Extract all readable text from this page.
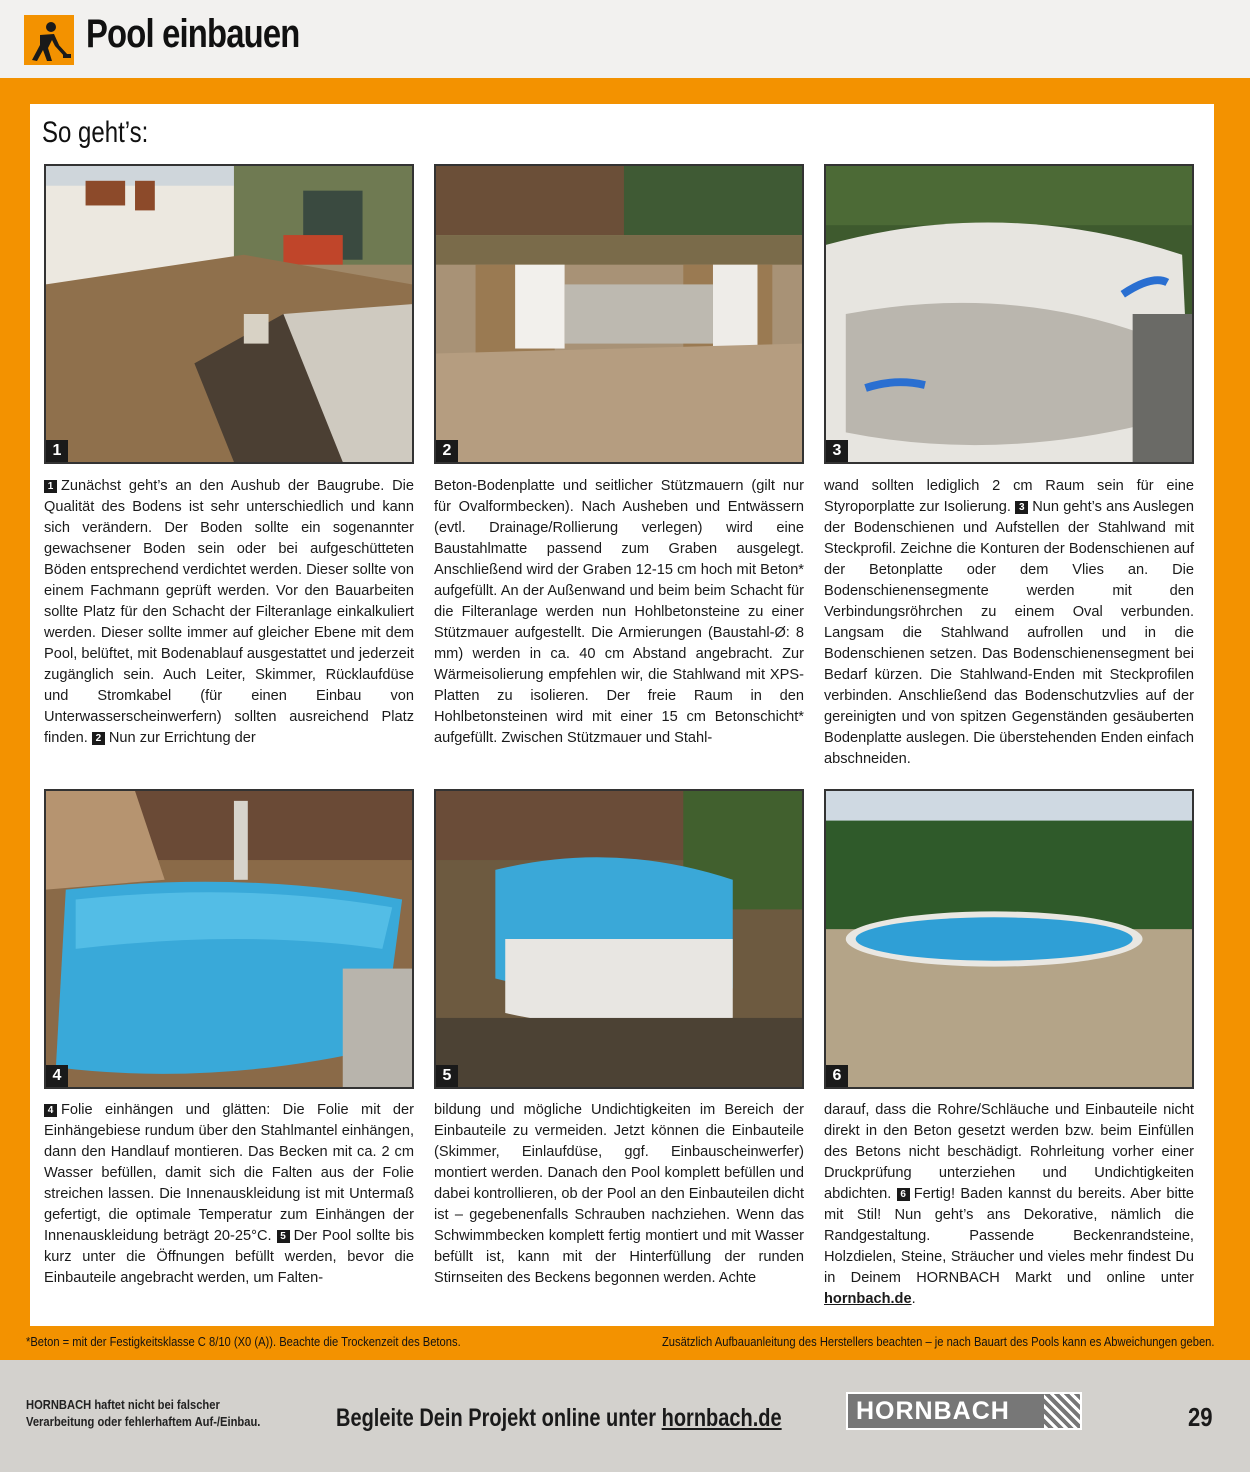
Pool einbauen
So geht’s:
1	2	3
4	5	6

1 Zunächst geht’s an den Aushub der Baugrube. Die Qualität des Bodens ist sehr unterschiedlich und kann sich verändern. Der Boden sollte ein sogenannter gewachsener Boden sein oder bei aufgeschütteten Böden entsprechend verdichtet werden. Dieser sollte von einem Fachmann geprüft werden. Vor den Bauarbeiten sollte Platz für den Schacht der Filteranlage einkalkuliert werden. Dieser sollte immer auf gleicher Ebene mit dem Pool, belüftet, mit Bodenablauf ausgestattet und jederzeit zugänglich sein. Auch Leiter, Skimmer, Rücklaufdüse und Stromkabel (für einen Einbau von Unterwasserscheinwerfern) sollten ausreichend Platz finden. 2 Nun zur Errichtung der

Beton-Bodenplatte und seitlicher Stützmauern (gilt nur für Ovalformbecken). Nach Ausheben und Entwässern (evtl. Drainage/Rollierung verlegen) wird eine Baustahlmatte passend zum Graben ausgelegt. Anschließend wird der Graben 12-15 cm hoch mit Beton* aufgefüllt. An der Außenwand und beim beim Schacht für die Filteranlage werden nun Hohlbetonsteine zu einer Stützmauer aufgestellt. Die Armierungen (Baustahl-Ø: 8 mm) werden in ca. 40 cm Abstand angebracht. Zur Wärmeisolierung empfehlen wir, die Stahlwand mit XPS-Platten zu isolieren. Der freie Raum in den Hohlbetonsteinen wird mit einer 15 cm Betonschicht* aufgefüllt. Zwischen Stützmauer und Stahl-

wand sollten lediglich 2 cm Raum sein für eine Styroporplatte zur Isolierung. 3 Nun geht’s ans Auslegen der Bodenschienen und Aufstellen der Stahlwand mit Steckprofil. Zeichne die Konturen der Bodenschienen auf der Betonplatte oder dem Vlies an. Die Bodenschienensegmente werden mit den Verbindungsröhrchen zu einem Oval verbunden. Langsam die Stahlwand aufrollen und in die Bodenschienen setzen. Das Bodenschienensegment bei Bedarf kürzen. Die Stahlwand-Enden mit Steckprofilen verbinden. Anschließend das Bodenschutzvlies auf der gereinigten und von spitzen Gegenständen gesäuberten Bodenplatte auslegen. Die überstehenden Enden einfach abschneiden.

4 Folie einhängen und glätten: Die Folie mit der Einhängebiese rundum über den Stahlmantel einhängen, dann den Handlauf montieren. Das Becken mit ca. 2 cm Wasser befüllen, damit sich die Falten aus der Folie streichen lassen. Die Innenauskleidung ist mit Untermaß gefertigt, die optimale Temperatur zum Einhängen der Innenauskleidung beträgt 20-25°C. 5 Der Pool sollte bis kurz unter die Öffnungen befüllt werden, bevor die Einbauteile angebracht werden, um Falten-

bildung und mögliche Undichtigkeiten im Bereich der Einbauteile zu vermeiden. Jetzt können die Einbauteile (Skimmer, Einlaufdüse, ggf. Einbauscheinwerfer) montiert werden. Danach den Pool komplett befüllen und dabei kontrollieren, ob der Pool an den Einbauteilen dicht ist – gegebenenfalls Schrauben nachziehen. Wenn das Schwimmbecken komplett fertig montiert und mit Wasser befüllt ist, kann mit der Hinterfüllung der runden Stirnseiten des Beckens begonnen werden. Achte

darauf, dass die Rohre/Schläuche und Einbauteile nicht direkt in den Beton gesetzt werden bzw. beim Einfüllen des Betons nicht beschädigt. Rohrleitung vorher einer Druckprüfung unterziehen und Undichtigkeiten abdichten. 6 Fertig! Baden kannst du bereits. Aber bitte mit Stil! Nun geht’s ans Dekorative, nämlich die Randgestaltung. Passende Beckenrandsteine, Holzdielen, Steine, Sträucher und vieles mehr findest Du in Deinem HORNBACH Markt und online unter hornbach.de.

*Beton = mit der Festigkeitsklasse C 8/10 (X0 (A)). Beachte die Trockenzeit des Betons.	Zusätzlich Aufbauanleitung des Herstellers beachten – je nach Bauart des Pools kann es Abweichungen geben.
HORNBACH haftet nicht bei falscher
Verarbeitung oder fehlerhaftem Auf-/Einbau.	Begleite Dein Projekt online unter hornbach.de	HORNBACH	29
